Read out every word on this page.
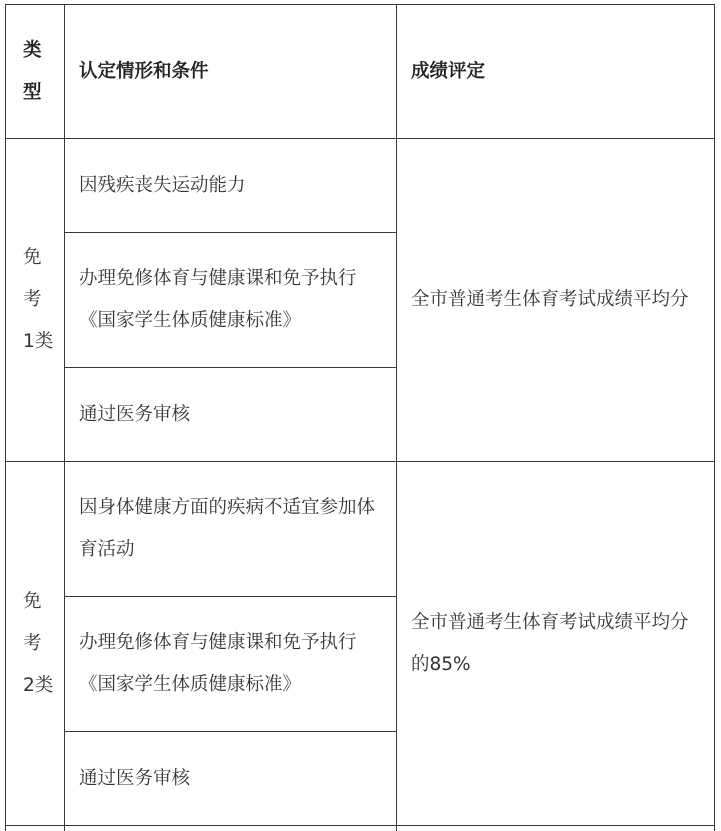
类
型
认定情形和条件	成绩评定
免
考
1类
因残疾丧失运动能力
办理免修体育与健康课和免予执行《国家学生体质健康标准》
通过医务审核
全市普通考生体育考试成绩平均分
免
考
2类
因身体健康方面的疾病不适宜参加体育活动
办理免修体育与健康课和免予执行《国家学生体质健康标准》
通过医务审核
全市普通考生体育考试成绩平均分的85%
